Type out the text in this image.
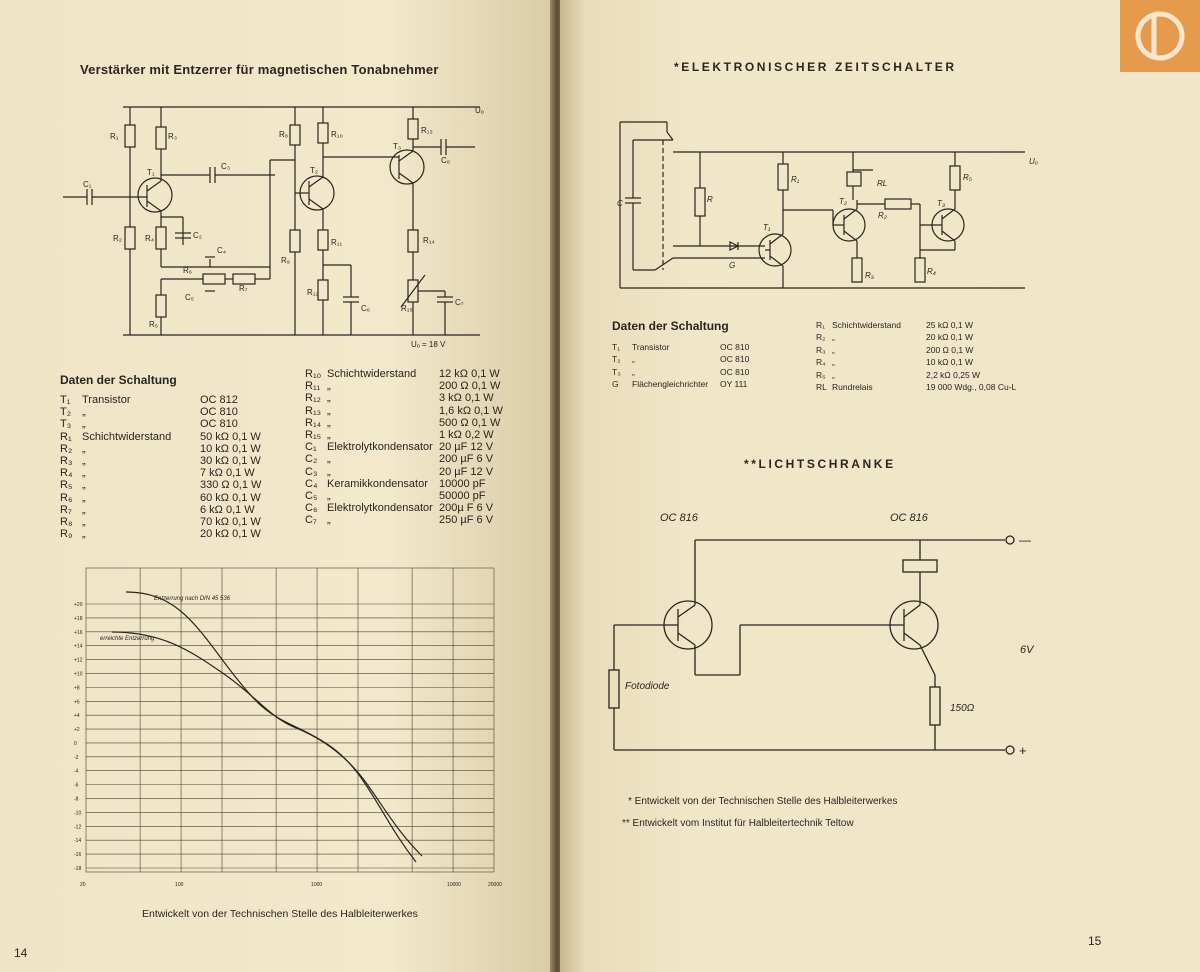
Verstärker mit Entzerrer für magnetischen Tonabnehmer
C₁
R₁
R₂
T₁
R₃
R₄	C₂
C₃
C₄
C₅
R₅
R₆
R₇
R₈
R₉
T₂
R₁₀
R₁₁
R₁₂
C₆
T₃
R₁₃
C₈
R₁₄
R₁₅
C₇
Uₒ
Uₒ = 18 V
Daten der Schaltung
T₁ Transistor	OC 812
T₂ „	OC 810
T₃ „	OC 810
R₁ Schichtwiderstand	50 kΩ 0,1 W
R₂ „	10 kΩ 0,1 W
R₃ „	30 kΩ 0,1 W
R₄ „	7 kΩ 0,1 W
R₅ „	330 Ω 0,1 W
R₆ „	60 kΩ 0,1 W
R₇ „	6 kΩ 0,1 W
R₈ „	70 kΩ 0,1 W
R₉ „	20 kΩ 0,1 W
R₁₀ Schichtwiderstand 12 kΩ 0,1 W
R₁₁ „	200 Ω 0,1 W
R₁₂ „	3 kΩ 0,1 W
R₁₃ „	1,6 kΩ 0,1 W
R₁₄ „	500 Ω 0,1 W
R₁₅ „	1 kΩ 0,2 W
C₁ Elektrolytkondensator 20 µF 12 V
C₂ „	200 µF 6 V
C₃ „	20 µF 12 V
C₄ Keramikkondensator 10000 pF
C₅ „	50000 pF
C₆ Elektrolytkondensator 200µ F 6 V
C₇ „	250 µF 6 V
+20
+18
+16
+14
+12
+10
+8
+6
+4
+2
0
-2
-4
-6
-8
-10
-12
-14
-16
-18
20	100	1000	10000	20000
Entzerrung nach DIN 45 536
erreichte Entzerrung
Entwickelt von der Technischen Stelle des Halbleiterwerkes
14
*ELEKTRONISCHER ZEITSCHALTER
C	R
R₁
T₁
G
T₂
RL
R₂
R₃
T₃
R₅
R₄
Uₒ
Daten der Schaltung
T₁ Transistor	OC 810
T₂ „	OC 810
T₃ „	OC 810
G Flächengleichrichter OY 111
R₁ Schichtwiderstand	25 kΩ 0,1 W
R₂ „	20 kΩ 0,1 W
R₃ „	200 Ω 0,1 W
R₄ „	10 kΩ 0,1 W
R₅ „	2,2 kΩ 0,25 W
RL Rundrelais	19 000 Wdg., 0,08 Cu-L
**LICHTSCHRANKE
OC 816	OC 816
Fotodiode
150Ω
6V
—
+
* Entwickelt von der Technischen Stelle des Halbleiterwerkes
** Entwickelt vom Institut für Halbleitertechnik Teltow
15
